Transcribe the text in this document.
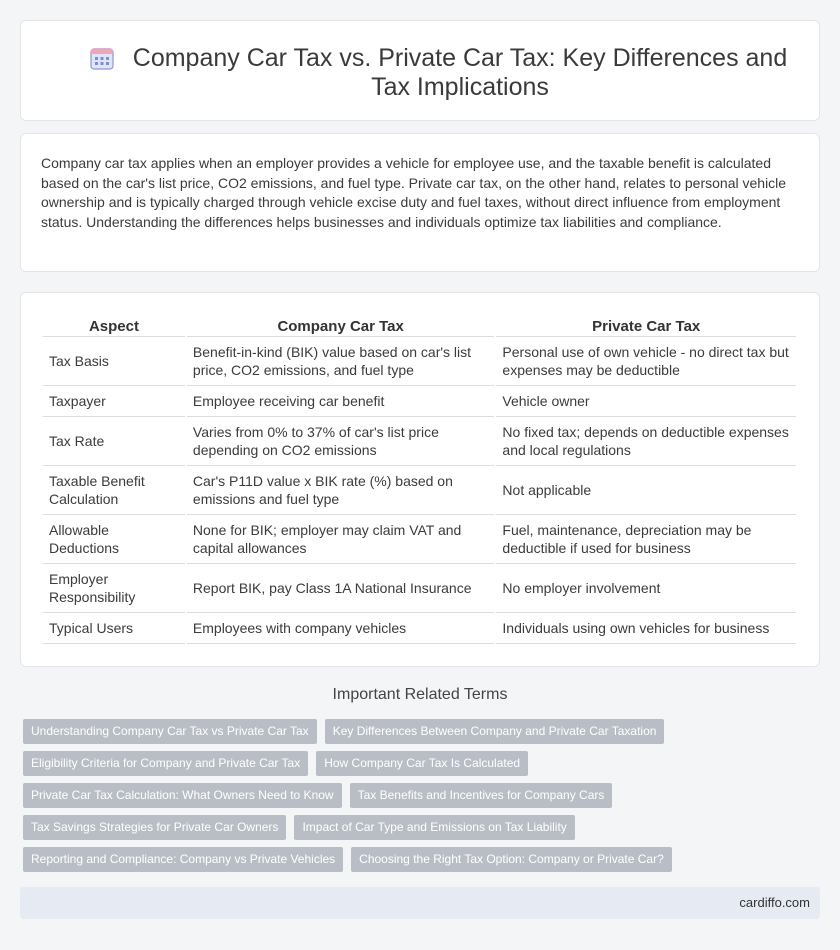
Company Car Tax vs. Private Car Tax: Key Differences and Tax Implications

Company car tax applies when an employer provides a vehicle for employee use, and the taxable benefit is calculated based on the car's list price, CO2 emissions, and fuel type. Private car tax, on the other hand, relates to personal vehicle ownership and is typically charged through vehicle excise duty and fuel taxes, without direct influence from employment status. Understanding the differences helps businesses and individuals optimize tax liabilities and compliance.

Aspect	Company Car Tax	Private Car Tax
Tax Basis	Benefit-in-kind (BIK) value based on car's list price, CO2 emissions, and fuel type	Personal use of own vehicle - no direct tax but expenses may be deductible
Taxpayer	Employee receiving car benefit	Vehicle owner
Tax Rate	Varies from 0% to 37% of car's list price depending on CO2 emissions	No fixed tax; depends on deductible expenses and local regulations
Taxable Benefit Calculation	Car's P11D value x BIK rate (%) based on emissions and fuel type	Not applicable
Allowable Deductions	None for BIK; employer may claim VAT and capital allowances	Fuel, maintenance, depreciation may be deductible if used for business
Employer Responsibility	Report BIK, pay Class 1A National Insurance	No employer involvement
Typical Users	Employees with company vehicles	Individuals using own vehicles for business
Important Related Terms
Understanding Company Car Tax vs Private Car Tax	Key Differences Between Company and Private Car Taxation
Eligibility Criteria for Company and Private Car Tax	How Company Car Tax Is Calculated
Private Car Tax Calculation: What Owners Need to Know	Tax Benefits and Incentives for Company Cars
Tax Savings Strategies for Private Car Owners	Impact of Car Type and Emissions on Tax Liability
Reporting and Compliance: Company vs Private Vehicles	Choosing the Right Tax Option: Company or Private Car?
cardiffo.com
